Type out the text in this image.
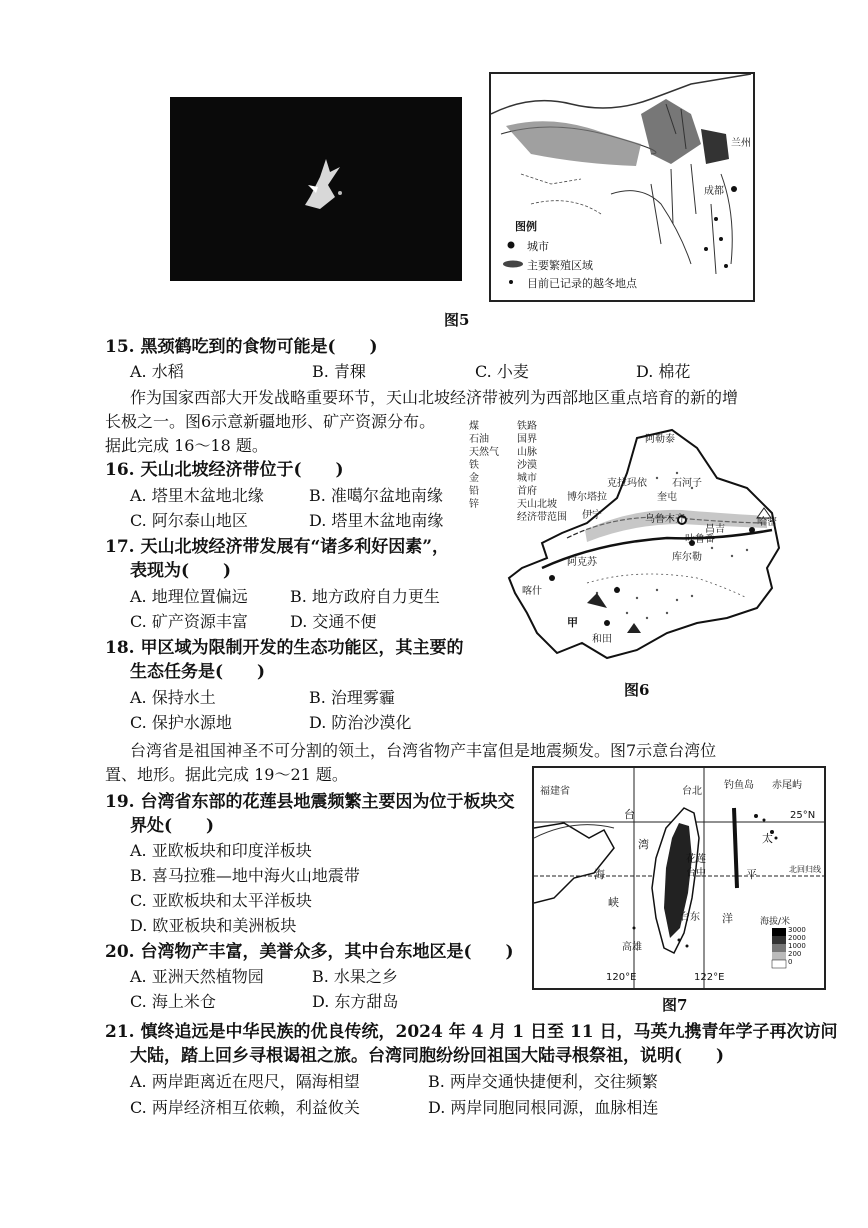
图例
城市
主要繁殖区域
目前已记录的越冬地点
成都
兰州
图5
15. 黑颈鹤吃到的食物可能是(　　)
A. 水稻	B. 青稞	C. 小麦	D. 棉花
作为国家西部大开发战略重要环节，天山北坡经济带被列为西部地区重点培育的新的增
长极之一。图6示意新疆地形、矿产资源分布。
据此完成 16～18 题。
16. 天山北坡经济带位于(　　)
A. 塔里木盆地北缘	B. 准噶尔盆地南缘
C. 阿尔泰山地区	D. 塔里木盆地南缘
17. 天山北坡经济带发展有“诸多利好因素”，
表现为(　　)
A. 地理位置偏远	B. 地方政府自力更生
C. 矿产资源丰富	D. 交通不便
18. 甲区域为限制开发的生态功能区，其主要的
生态任务是(　　)
A. 保持水土	B. 治理雾霾
C. 保护水源地	D. 防治沙漠化
煤
石油
天然气
铁
金
铅
锌
铁路
国界
山脉
沙漠
城市
首府
天山北坡
经济带范围
阿勒泰
克拉玛依	石河子
奎屯
博尔塔拉
伊宁	乌鲁木齐
吐鲁番
哈密
库尔勒
阿克苏
喀什
和田
甲
昌吉
图6
台湾省是祖国神圣不可分割的领土，台湾省物产丰富但是地震频发。图7示意台湾位
置、地形。据此完成 19～21 题。
19. 台湾省东部的花莲县地震频繁主要因为位于板块交
界处(　　)
A. 亚欧板块和印度洋板块
B. 喜马拉雅—地中海火山地震带
C. 亚欧板块和太平洋板块
D. 欧亚板块和美洲板块
20. 台湾物产丰富，美誉众多，其中台东地区是(　　)
A. 亚洲天然植物园	B. 水果之乡
C. 海上米仓	D. 东方甜岛
福建省
台
湾
海
峡
台北
钓鱼岛 赤尾屿
25°N
北回归线
花莲
台中
台东
高雄
太
平
洋
120°E	122°E
海拔/米
3000
2000
1000
200
0
图7
21. 慎终追远是中华民族的优良传统，2024 年 4 月 1 日至 11 日，马英九携青年学子再次访问
大陆，踏上回乡寻根谒祖之旅。台湾同胞纷纷回祖国大陆寻根祭祖，说明(　　)
A. 两岸距离近在咫尺，隔海相望	B. 两岸交通快捷便利，交往频繁
C. 两岸经济相互依赖，利益攸关	D. 两岸同胞同根同源，血脉相连
